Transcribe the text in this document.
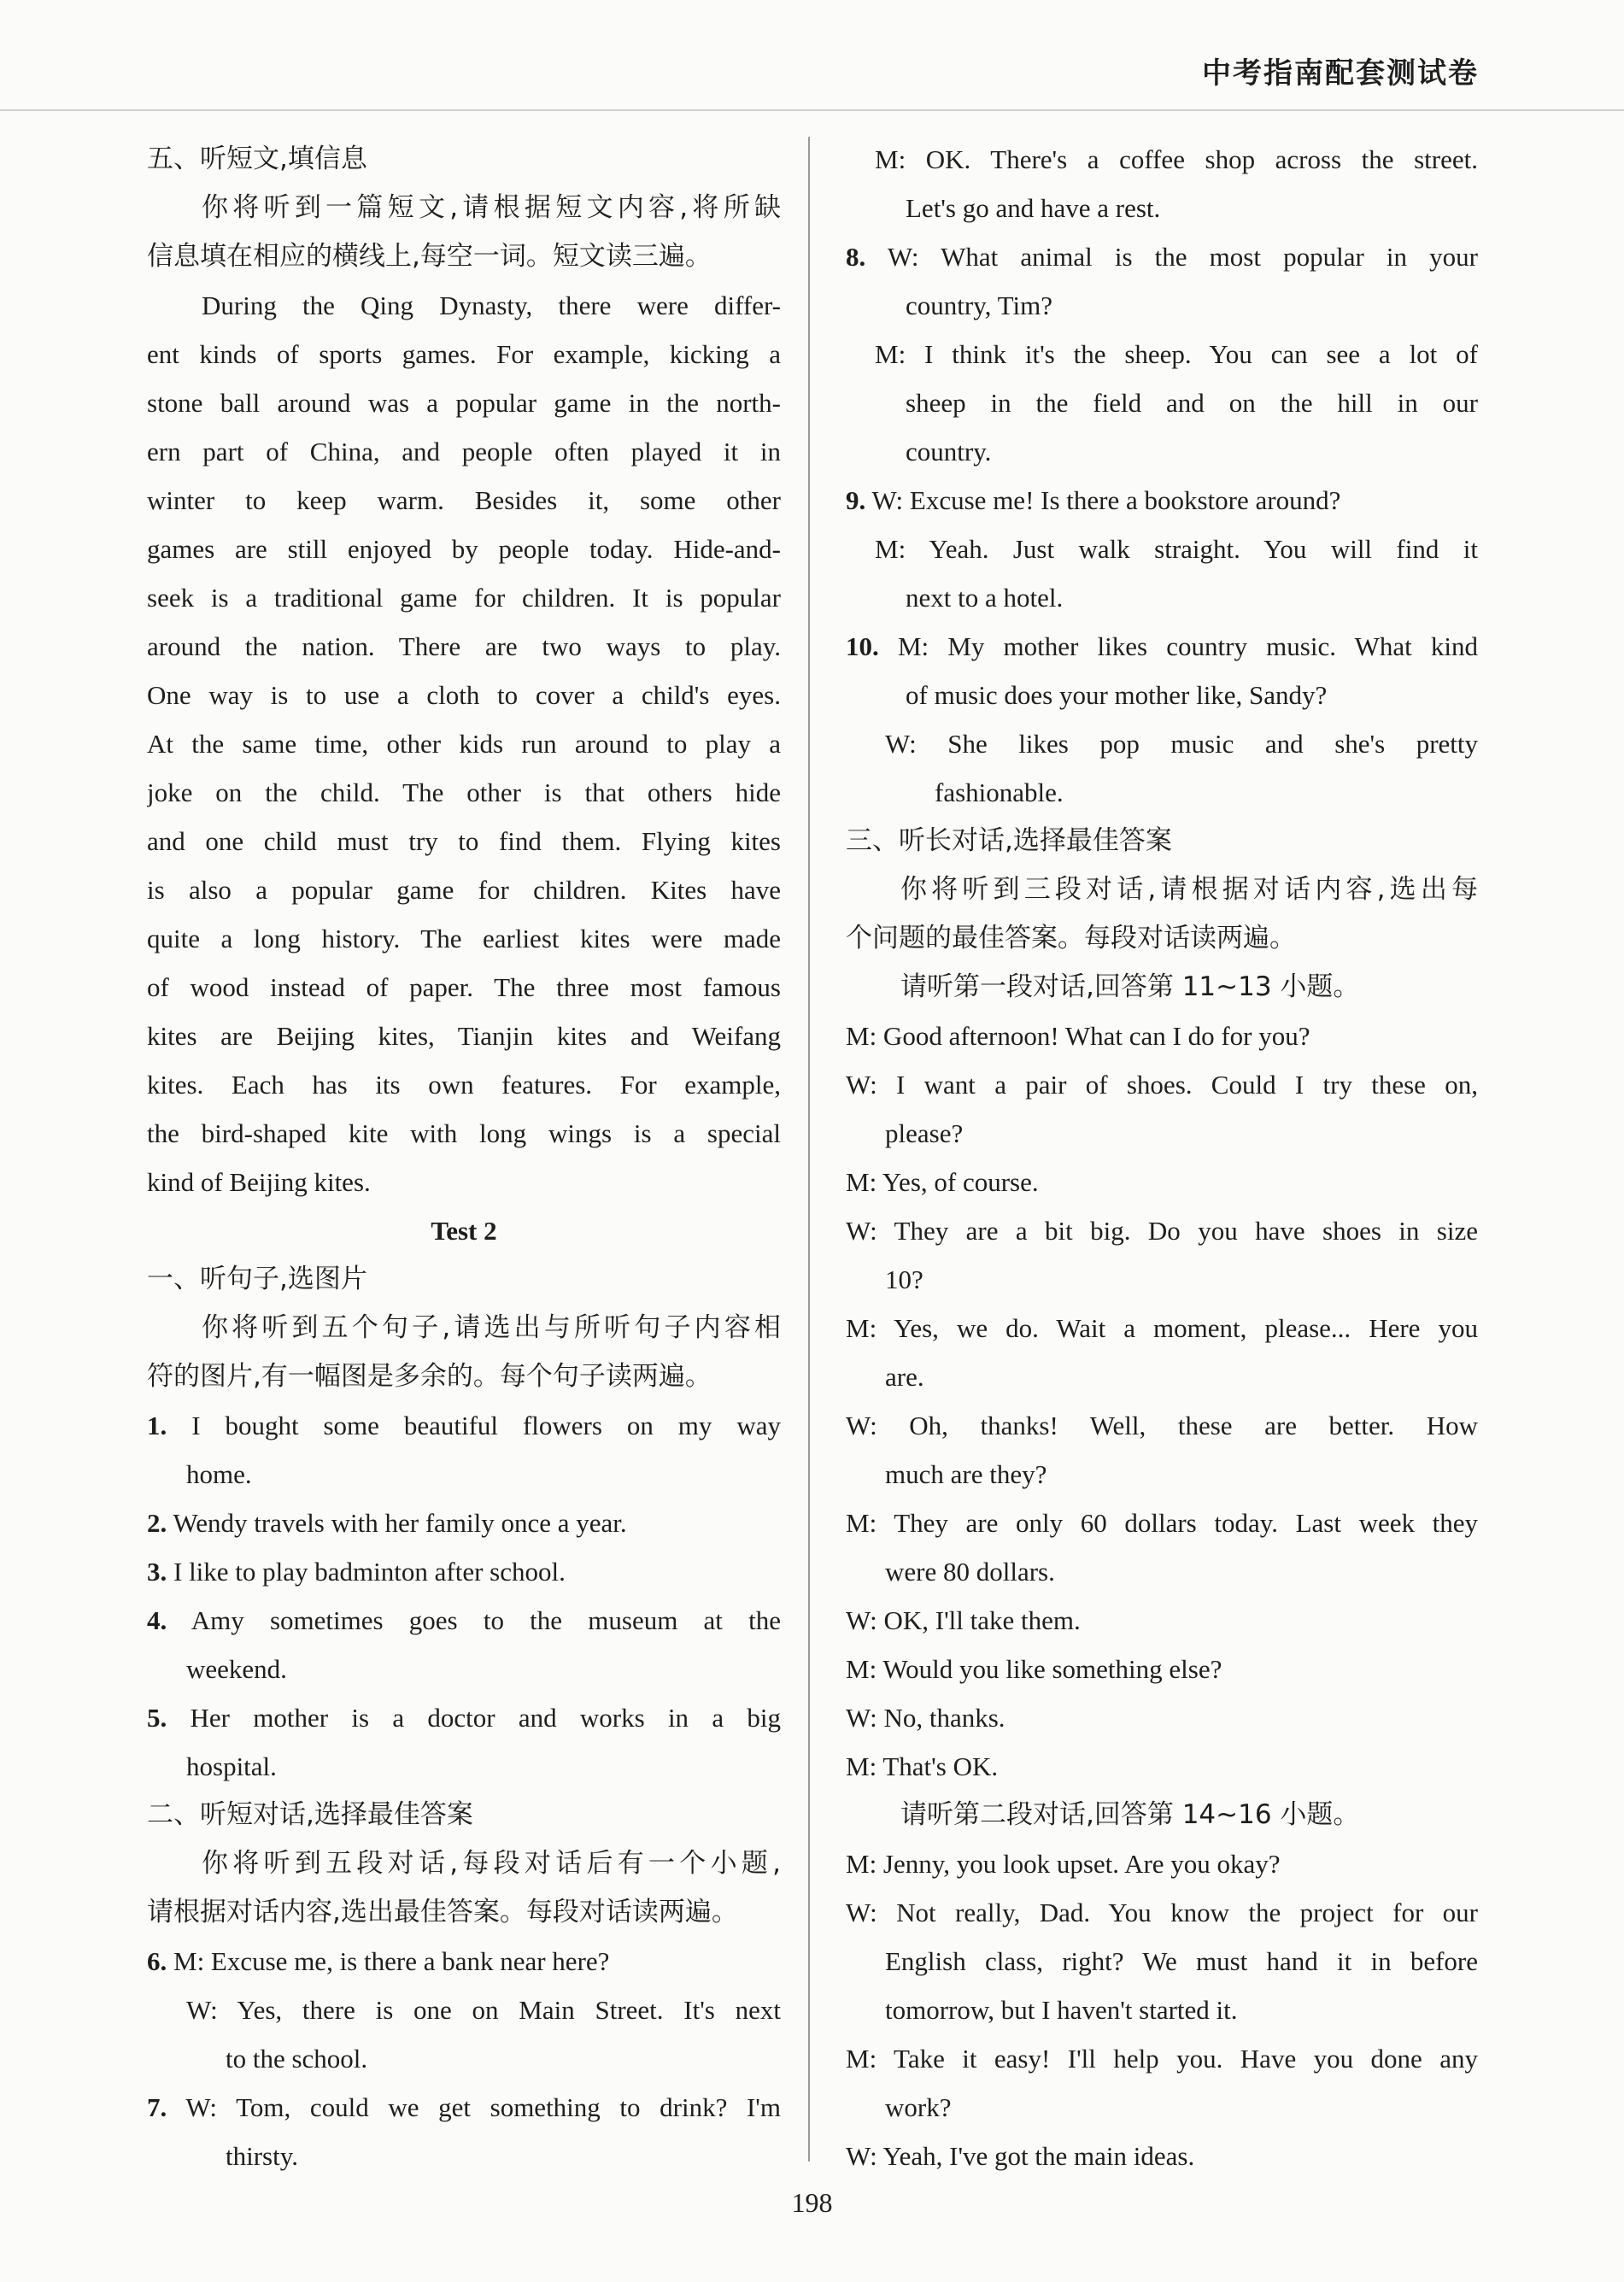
中考指南配套测试卷
五、听短文,填信息
你将听到一篇短文,请根据短文内容,将所缺
信息填在相应的横线上,每空一词。短文读三遍。
During the Qing Dynasty, there were differ-
ent kinds of sports games. For example, kicking a
stone ball around was a popular game in the north-
ern part of China, and people often played it in
winter to keep warm. Besides it, some other
games are still enjoyed by people today. Hide-and-
seek is a traditional game for children. It is popular
around the nation. There are two ways to play.
One way is to use a cloth to cover a child's eyes.
At the same time, other kids run around to play a
joke on the child. The other is that others hide
and one child must try to find them. Flying kites
is also a popular game for children. Kites have
quite a long history. The earliest kites were made
of wood instead of paper. The three most famous
kites are Beijing kites, Tianjin kites and Weifang
kites. Each has its own features. For example,
the bird-shaped kite with long wings is a special
kind of Beijing kites.
Test 2
一、听句子,选图片
你将听到五个句子,请选出与所听句子内容相
符的图片,有一幅图是多余的。每个句子读两遍。
1. I bought some beautiful flowers on my way
home.
2. Wendy travels with her family once a year.
3. I like to play badminton after school.
4. Amy sometimes goes to the museum at the
weekend.
5. Her mother is a doctor and works in a big
hospital.
二、听短对话,选择最佳答案
你将听到五段对话,每段对话后有一个小题,
请根据对话内容,选出最佳答案。每段对话读两遍。
6. M: Excuse me, is there a bank near here?
W: Yes, there is one on Main Street. It's next
to the school.
7. W: Tom, could we get something to drink? I'm
thirsty.
M: OK. There's a coffee shop across the street.
Let's go and have a rest.
8. W: What animal is the most popular in your
country, Tim?
M: I think it's the sheep. You can see a lot of
sheep in the field and on the hill in our
country.
9. W: Excuse me! Is there a bookstore around?
M: Yeah. Just walk straight. You will find it
next to a hotel.
10. M: My mother likes country music. What kind
of music does your mother like, Sandy?
W: She likes pop music and she's pretty
fashionable.
三、听长对话,选择最佳答案
你将听到三段对话,请根据对话内容,选出每
个问题的最佳答案。每段对话读两遍。
请听第一段对话,回答第 11~13 小题。
M: Good afternoon! What can I do for you?
W: I want a pair of shoes. Could I try these on,
please?
M: Yes, of course.
W: They are a bit big. Do you have shoes in size
10?
M: Yes, we do. Wait a moment, please... Here you
are.
W: Oh, thanks! Well, these are better. How
much are they?
M: They are only 60 dollars today. Last week they
were 80 dollars.
W: OK, I'll take them.
M: Would you like something else?
W: No, thanks.
M: That's OK.
请听第二段对话,回答第 14~16 小题。
M: Jenny, you look upset. Are you okay?
W: Not really, Dad. You know the project for our
English class, right? We must hand it in before
tomorrow, but I haven't started it.
M: Take it easy! I'll help you. Have you done any
work?
W: Yeah, I've got the main ideas.
198
